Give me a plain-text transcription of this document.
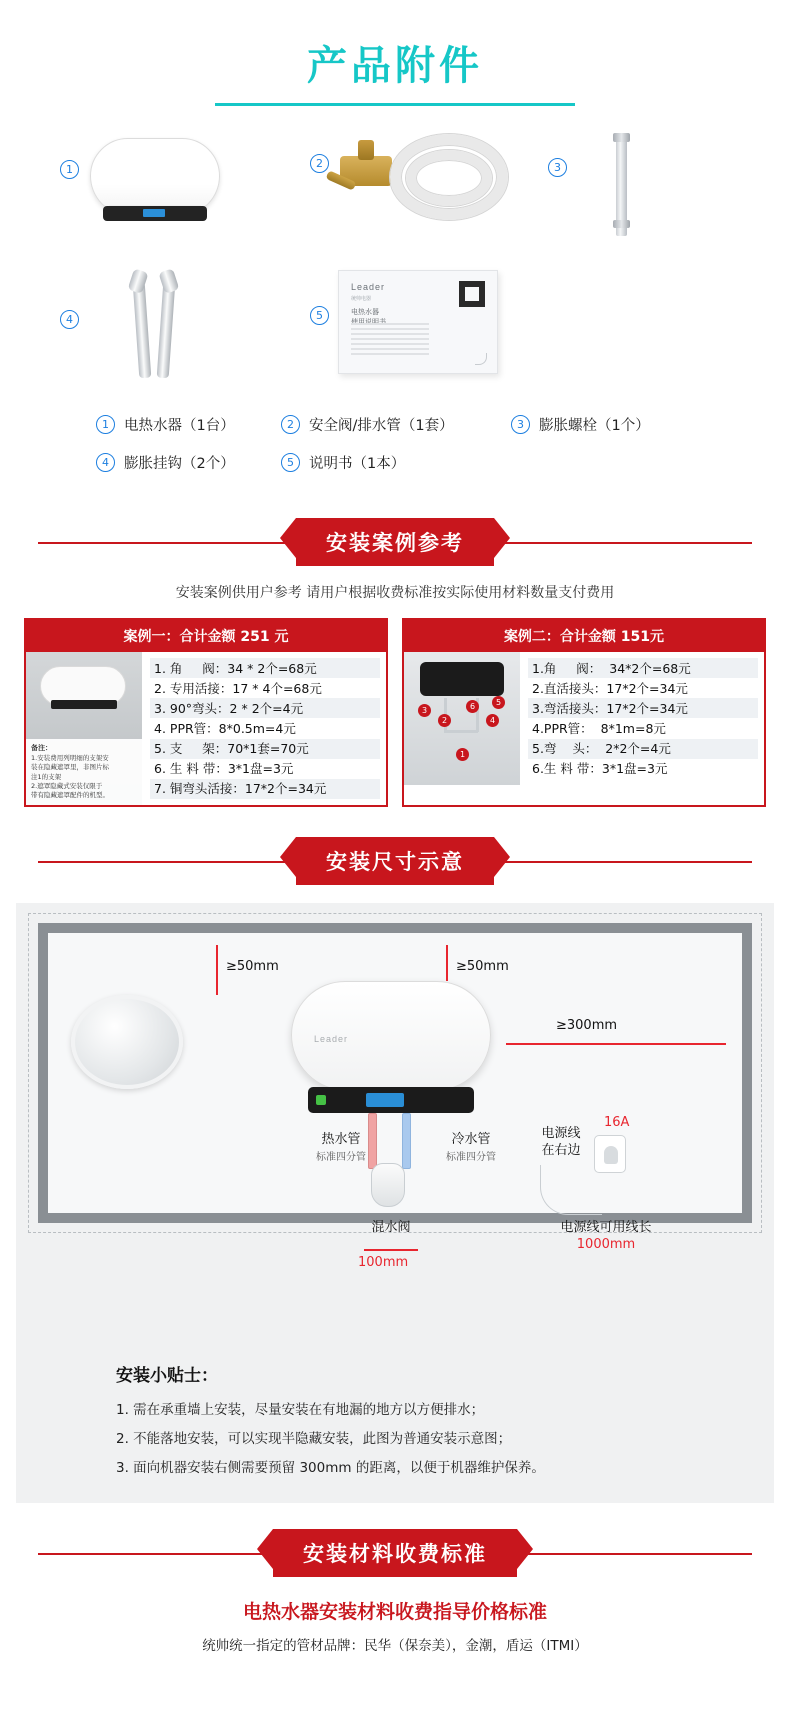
产品附件
1	2	3
4	5
Leader
统帅电器
电热水器

1	电热水器（1台）	2	安全阀/排水管（1套）	3	膨胀螺栓（1个）
4	膨胀挂钩（2个）	5	说明书（1本）
安装案例参考
安装案例供用户参考 请用户根据收费标准按实际使用材料数量支付费用
案例一：合计金额 251 元
备注：
1.安装费用列明细的支架安
装在隐藏遮罩里，非图片标
注1的支架
2.遮罩隐藏式安装仅限于
带有隐藏遮罩配件的机型。
1. 角     阀：34 * 2个=68元
2. 专用活接：17 * 4个=68元
3. 90°弯头：2 * 2个=4元
4. PPR管：8*0.5m=4元
5. 支     架：70*1套=70元
6. 生 料 带：3*1盘=3元
7. 铜弯头活接：17*2个=34元
案例二：合计金额 151元
1
2
3
4
5
6
1.角     阀：  34*2个=68元
2.直活接头：17*2个=34元
3.弯活接头：17*2个=34元
4.PPR管：  8*1m=8元
5.弯    头：  2*2个=4元
6.生 料 带：3*1盘=3元
安装尺寸示意
Leader
≥50mm	≥50mm
≥300mm
热水管
标准四分管
冷水管
标准四分管
混水阀
100mm
电源线
在右边
16A
电源线可用线长
1000mm
安装小贴士：

1. 需在承重墙上安装，尽量安装在有地漏的地方以方便排水；

2. 不能落地安装，可以实现半隐藏安装，此图为普通安装示意图；

3. 面向机器安装右侧需要预留 300mm 的距离，以便于机器维护保养。

安装材料收费标准
电热水器安装材料收费指导价格标准
统帅统一指定的管材品牌：民华（保奈美），金潮，盾运（ITMI）
